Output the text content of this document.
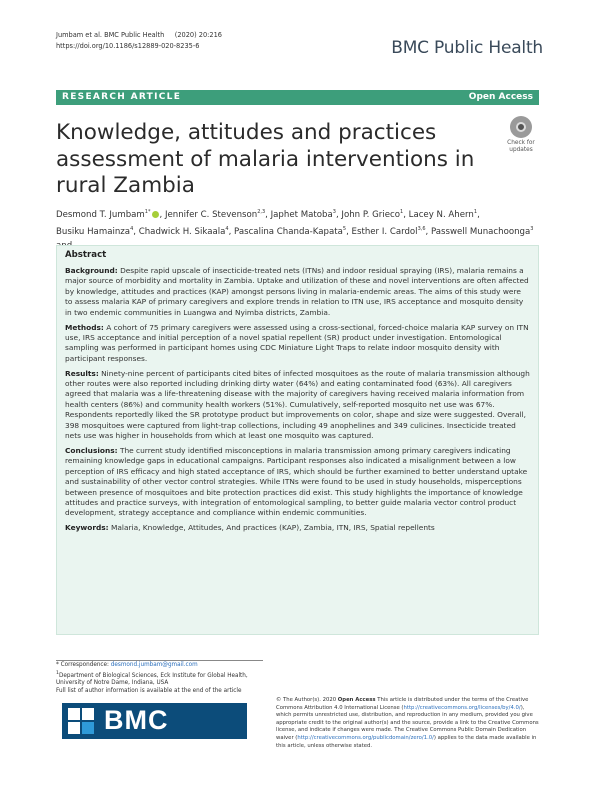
Jumbam et al. BMC Public Health     (2020) 20:216
https://doi.org/10.1186/s12889-020-8235-6	BMC Public Health
RESEARCH ARTICLE	Open Access
Knowledge, attitudes and practices assessment of malaria interventions in rural Zambia
Check for
updates
Desmond T. Jumbam$^{1*}$ , Jennifer C. Stevenson$^{2,3}$, Japhet Matoba$^3$, John P. Grieco$^1$, Lacey N. Ahern$^1$,
Busiku Hamainza$^4$, Chadwick H. Sikaala$^4$, Pascalina Chanda-Kapata$^5$, Esther I. Cardol$^{3,6}$, Passwell Munachoonga$^3$
Abstract

Background: Despite rapid upscale of insecticide-treated nets (ITNs) and indoor residual spraying (IRS), malaria remains a major source of morbidity and mortality in Zambia. Uptake and utilization of these and novel interventions are often affected by knowledge, attitudes and practices (KAP) amongst persons living in malaria-endemic areas. The aims of this study were to assess malaria KAP of primary caregivers and explore trends in relation to ITN use, IRS acceptance and mosquito density in two endemic communities in Luangwa and Nyimba districts, Zambia.

Methods: A cohort of 75 primary caregivers were assessed using a cross-sectional, forced-choice malaria KAP survey on ITN use, IRS acceptance and initial perception of a novel spatial repellent (SR) product under investigation. Entomological sampling was performed in participant homes using CDC Miniature Light Traps to relate indoor mosquito density with participant responses.

Results: Ninety-nine percent of participants cited bites of infected mosquitoes as the route of malaria transmission although other routes were also reported including drinking dirty water (64%) and eating contaminated food (63%). All caregivers agreed that malaria was a life-threatening disease with the majority of caregivers having received malaria information from health centers (86%) and community health workers (51%). Cumulatively, self-reported mosquito net use was 67%. Respondents reportedly liked the SR prototype product but improvements on color, shape and size were suggested. Overall, 398 mosquitoes were captured from light-trap collections, including 49 anophelines and 349 culicines. Insecticide treated nets use was higher in households from which at least one mosquito was captured.

Conclusions: The current study identified misconceptions in malaria transmission among primary caregivers indicating remaining knowledge gaps in educational campaigns. Participant responses also indicated a misalignment between a low perception of IRS efficacy and high stated acceptance of IRS, which should be further examined to better understand uptake and sustainability of other vector control strategies. While ITNs were found to be used in study households, misperceptions between presence of mosquitoes and bite protection practices did exist. This study highlights the importance of knowledge attitudes and practice surveys, with integration of entomological sampling, to better guide malaria vector control product development, strategy acceptance and compliance within endemic communities.

Keywords: Malaria, Knowledge, Attitudes, And practices (KAP), Zambia, ITN, IRS, Spatial repellents

* Correspondence: desmond.jumbam@gmail.com
$^1$Department of Biological Sciences, Eck Institute for Global Health, University of Notre Dame, Indiana, USA
Full list of author information is available at the end of the article
BMC
© The Author(s). 2020 Open Access This article is distributed under the terms of the Creative Commons Attribution 4.0 International License (http://creativecommons.org/licenses/by/4.0/), which permits unrestricted use, distribution, and reproduction in any medium, provided you give appropriate credit to the original author(s) and the source, provide a link to the Creative Commons license, and indicate if changes were made. The Creative Commons Public Domain Dedication waiver (http://creativecommons.org/publicdomain/zero/1.0/) applies to the data made available in this article, unless otherwise stated.
